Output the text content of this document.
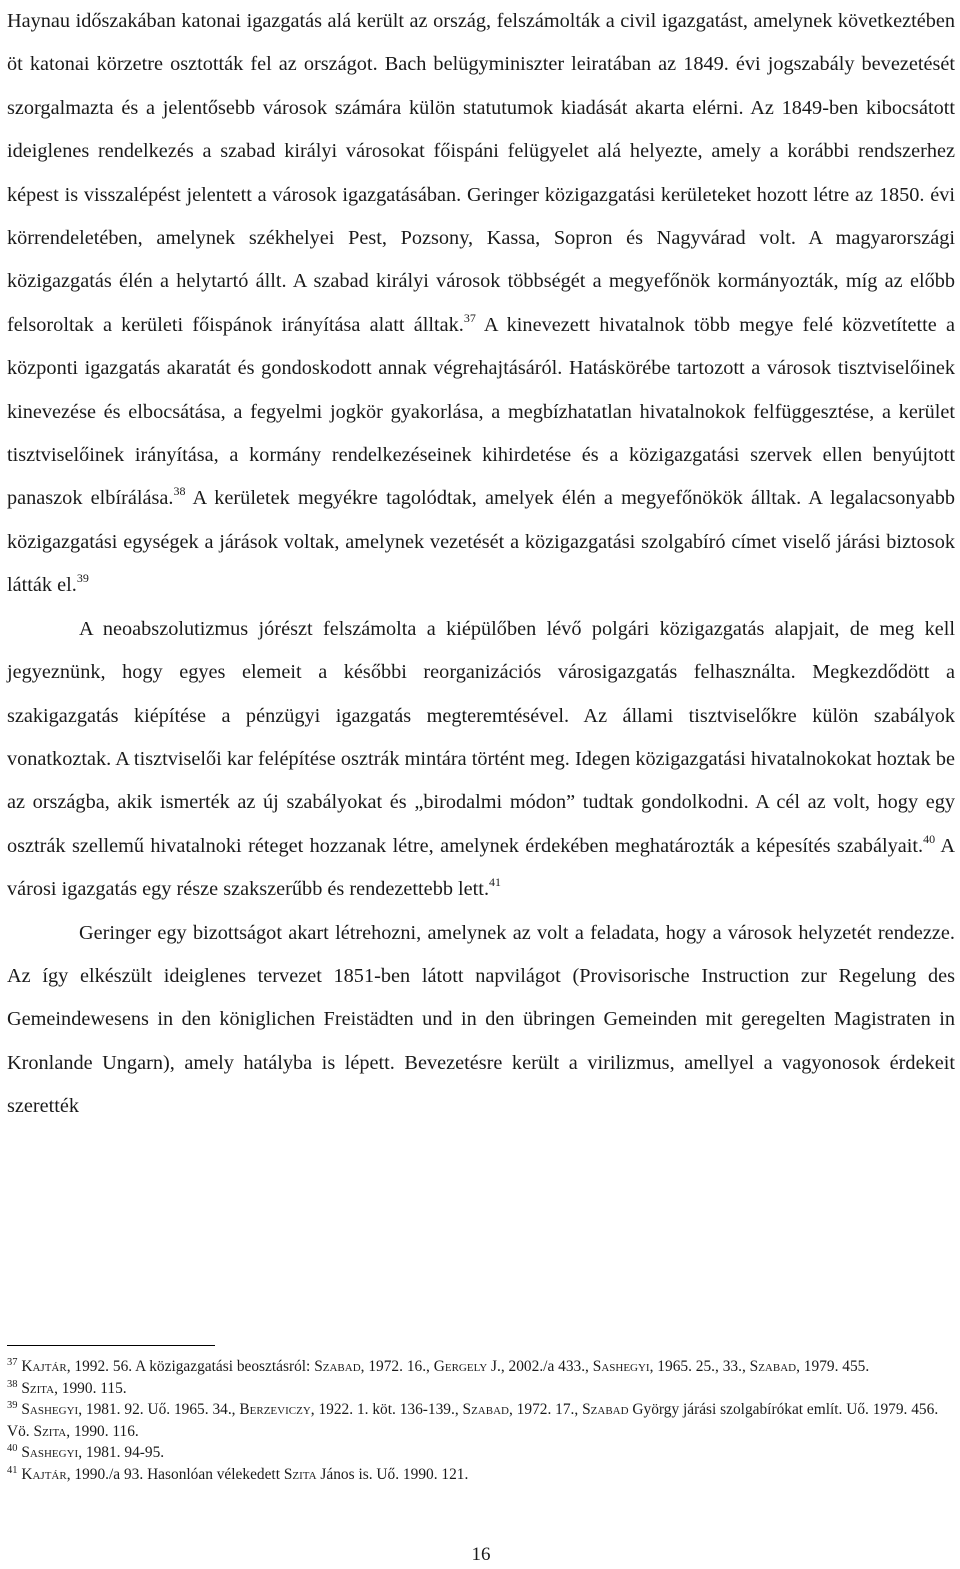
Haynau időszakában katonai igazgatás alá került az ország, felszámolták a civil igazgatást, amelynek következtében öt katonai körzetre osztották fel az országot. Bach belügyminiszter leiratában az 1849. évi jogszabály bevezetését szorgalmazta és a jelentősebb városok számára külön statutumok kiadását akarta elérni. Az 1849-ben kibocsátott ideiglenes rendelkezés a szabad királyi városokat főispáni felügyelet alá helyezte, amely a korábbi rendszerhez képest is visszalépést jelentett a városok igazgatásában. Geringer közigazgatási kerületeket hozott létre az 1850. évi körrendeletében, amelynek székhelyei Pest, Pozsony, Kassa, Sopron és Nagyvárad volt. A magyarországi közigazgatás élén a helytartó állt. A szabad királyi városok többségét a megyefőnök kormányozták, míg az előbb felsoroltak a kerületi főispánok irányítása alatt álltak.$^{37}$ A kinevezett hivatalnok több megye felé közvetítette a központi igazgatás akaratát és gondoskodott annak végrehajtásáról. Hatáskörébe tartozott a városok tisztviselőinek kinevezése és elbocsátása, a fegyelmi jogkör gyakorlása, a megbízhatatlan hivatalnokok felfüggesztése, a kerület tisztviselőinek irányítása, a kormány rendelkezéseinek kihirdetése és a közigazgatási szervek ellen benyújtott panaszok elbírálása.$^{38}$ A kerületek megyékre tagolódtak, amelyek élén a megyefőnökök álltak. A legalacsonyabb közigazgatási egységek a járások voltak, amelynek vezetését a közigazgatási szolgabíró címet viselő járási biztosok látták el.$^{39}$

A neoabszolutizmus jórészt felszámolta a kiépülőben lévő polgári közigazgatás alapjait, de meg kell jegyeznünk, hogy egyes elemeit a későbbi reorganizációs városigazgatás felhasználta. Megkezdődött a szakigazgatás kiépítése a pénzügyi igazgatás megteremtésével. Az állami tisztviselőkre külön szabályok vonatkoztak. A tisztviselői kar felépítése osztrák mintára történt meg. Idegen közigazgatási hivatalnokokat hoztak be az országba, akik ismerték az új szabályokat és „birodalmi módon” tudtak gondolkodni. A cél az volt, hogy egy osztrák szellemű hivatalnoki réteget hozzanak létre, amelynek érdekében meghatározták a képesítés szabályait.$^{40}$ A városi igazgatás egy része szakszerűbb és rendezettebb lett.$^{41}$

Geringer egy bizottságot akart létrehozni, amelynek az volt a feladata, hogy a városok helyzetét rendezze. Az így elkészült ideiglenes tervezet 1851-ben látott napvilágot (Provisorische Instruction zur Regelung des Gemeindewesens in den königlichen Freistädten und in den übringen Gemeinden mit geregelten Magistraten in Kronlande Ungarn), amely hatályba is lépett. Bevezetésre került a virilizmus, amellyel a vagyonosok érdekeit szerették

$^{37}$ Kajtár, 1992. 56. A közigazgatási beosztásról: Szabad, 1972. 16., Gergely J., 2002./a 433., Sashegyi, 1965. 25., 33., Szabad, 1979. 455.

$^{38}$ Szita, 1990. 115.

$^{39}$ Sashegyi, 1981. 92. Uő. 1965. 34., Berzeviczy, 1922. 1. köt. 136-139., Szabad, 1972. 17., Szabad György járási szolgabírókat említ. Uő. 1979. 456. Vö. Szita, 1990. 116.

$^{40}$ Sashegyi, 1981. 94-95.

$^{41}$ Kajtár, 1990./a 93. Hasonlóan vélekedett Szita János is. Uő. 1990. 121.

16
